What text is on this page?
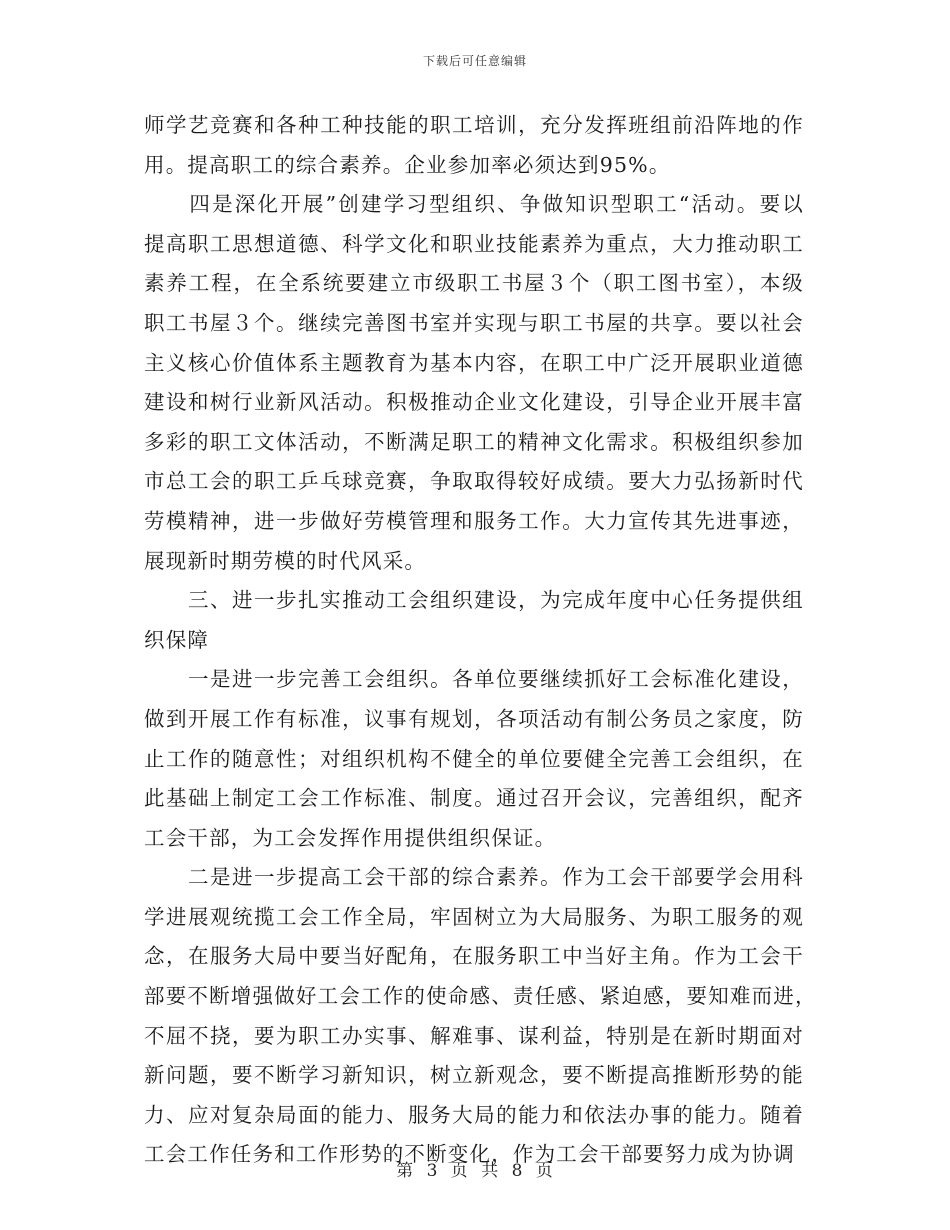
下载后可任意编辑

师学艺竞赛和各种工种技能的职工培训，充分发挥班组前沿阵地的作
用。提高职工的综合素养。企业参加率必须达到95%。

　　四是深化开展”创建学习型组织、争做知识型职工“活动。要以
提高职工思想道德、科学文化和职业技能素养为重点，大力推动职工
素养工程，在全系统要建立市级职工书屋３个（职工图书室），本级
职工书屋３个。继续完善图书室并实现与职工书屋的共享。要以社会
主义核心价值体系主题教育为基本内容，在职工中广泛开展职业道德
建设和树行业新风活动。积极推动企业文化建设，引导企业开展丰富
多彩的职工文体活动，不断满足职工的精神文化需求。积极组织参加
市总工会的职工乒乓球竞赛，争取取得较好成绩。要大力弘扬新时代
劳模精神，进一步做好劳模管理和服务工作。大力宣传其先进事迹，
展现新时期劳模的时代风采。

　　三、进一步扎实推动工会组织建设，为完成年度中心任务提供组
织保障

　　一是进一步完善工会组织。各单位要继续抓好工会标准化建设，
做到开展工作有标准，议事有规划，各项活动有制公务员之家度，防
止工作的随意性；对组织机构不健全的单位要健全完善工会组织，在
此基础上制定工会工作标准、制度。通过召开会议，完善组织，配齐
工会干部，为工会发挥作用提供组织保证。

　　二是进一步提高工会干部的综合素养。作为工会干部要学会用科
学进展观统揽工会工作全局，牢固树立为大局服务、为职工服务的观
念，在服务大局中要当好配角，在服务职工中当好主角。作为工会干
部要不断增强做好工会工作的使命感、责任感、紧迫感，要知难而进，
不屈不挠，要为职工办实事、解难事、谋利益，特别是在新时期面对
新问题，要不断学习新知识，树立新观念，要不断提高推断形势的能
力、应对复杂局面的能力、服务大局的能力和依法办事的能力。随着
工会工作任务和工作形势的不断变化，作为工会干部要努力成为协调

第 3 页 共 8 页
